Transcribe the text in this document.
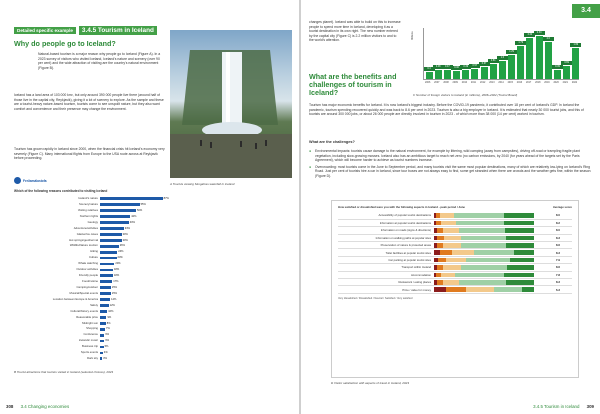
Detailed specific example	3.4.5 Tourism in Iceland
Why do people go to Iceland?
Natural-based tourism is a major reason why people go to Iceland (Figure A). In a 2023 survey of visitors who visited Iceland, Iceland's nature and scenery (over 90 per cent) and the wide attraction of visiting are the country's natural environment (Figure B).
Iceland has a land area of 103 000 km², but only around 390 000 people live there (around half of those live in the capital city, Reykjavik), giving it a lot of scenery to explore. As the sample and these are a tourist-heavy nature-based tourism, tourists come to see unspoilt nature, but they also want comfort and convenience and their presence may change the environment.
Tourism has grown rapidly in Iceland since 2000, when the financial crisis hit Iceland's economy very severely (Figure C). Many international flights from Europe to the USA route across at Reykjavik before proceeding.
A Tourists viewing Skogafoss waterfall in Iceland
Ferðamálastofa
Which of the following reasons contributed to visiting Iceland
Iceland's nature	87%
Scenery/nature	55%
Visiting relatives	50%
Northern lights	42%
Geology	40%
Adventure/activities	33%
Glacier/ice caves	30%
Hot springs/geothermal	30%
Wildlife/Nature tourism	26%
Hiking	24%
Culture	23%
Whale watching	20%
Outdoor activities	18%
Friendly people	18%
Food/cuisine	17%
Camping/outdoor	15%
Musical/Special events	15%
Location between Europe & America	14%
Safety	12%
Cultural/history events	10%
Reasonable price	9%
Midnight sun	8%
Shopping	7%
Conference	6%
Icelandic music	6%
Business trip	5%
Sports events 4%
Dark sky 3%
B Tourist attractions that tourists visited in Iceland (selected choices), 2023
308 3.4 Changing economies
3.4
changes planet). Iceland was able to build on this to increase people to spend more time in Iceland, developing it as a tourist destination in its own right. The new number entered by the capital city (Figure C) is 2.2 million visitors to and to the world's attention.
What are the benefits and challenges of tourism in Iceland?
Millions
0.4
2006
0.48
2007
0.47
2008
0.46
2009
0.49
2010
0.57
2011
0.67
2012
0.81
2013
1.0
2014
1.29
2015
1.79
2016
2.22
2017
2.34
2018
2.0
2019
0.49
2020
0.69
2021
1.69
2022
C Number of foreign visitors to Iceland (in millions), 2006–2022 (Tourist Board)
Tourism has major economic benefits for Iceland. It is now Iceland's biggest industry. Before the COVID-19 pandemic, it contributed over 18 per cent of Iceland's GDP. In Iceland the pandemic, tourism spending recovered quickly and was back to 8.6 per cent in 2023. Tourism is also a big employer in Iceland. It is estimated that nearly 30 000 tourist jobs, and this of tourists are around 300 000 jobs, or about 26 000 people are directly involved in tourism in 2023 - of which more than 38 000 (14 per cent) worked in tourism.
What are the challenges?
● Environmental impacts: tourists cause damage to the natural environment, for example by littering, wild camping (away from campsites), driving off-road or trampling fragile plant vegetation, including slow-growing mosses. Iceland also has an ambitious target to reach net zero (no carbon emissions, by 2040 (for years ahead of the targets set by the Paris Agreement), which will become harder to achieve as tourist numbers increase.
● Overcrowding: most tourists come in the June to September period, and many tourists visit the same most popular destinations, many of which are relatively low-lying on Iceland's Ring Road. Just per cent of tourists hire a car in Iceland, since tour buses are not always easy to find, some get stranded when there are crowds and the weather gets fine, within the season (Figure D).
How satisfied or dissatisfied were you with the following aspects in Iceland - peak period / June	Average score
Accessibility of popular tourist destinations		8.0
Information at popular tourist destinations		8.2
Information on roads (signs & directions)		8.0
Information on walking paths at popular sites		8.3
Preservation of nature & protected areas		8.6
Toilet facilities at popular tourist sites		8.3
Car parking at popular tourist sites		7.9
Transport within Iceland		8.6
Accommodation		7.8
Restaurant / eating places		8.3
Price / value for money		6.3
Very dissatisfied / Dissatisfied / Neutral / Satisfied / Very satisfied
D Visitor satisfaction with aspects of travel in Iceland, 2023
3.4.5 Tourism in Iceland 309
